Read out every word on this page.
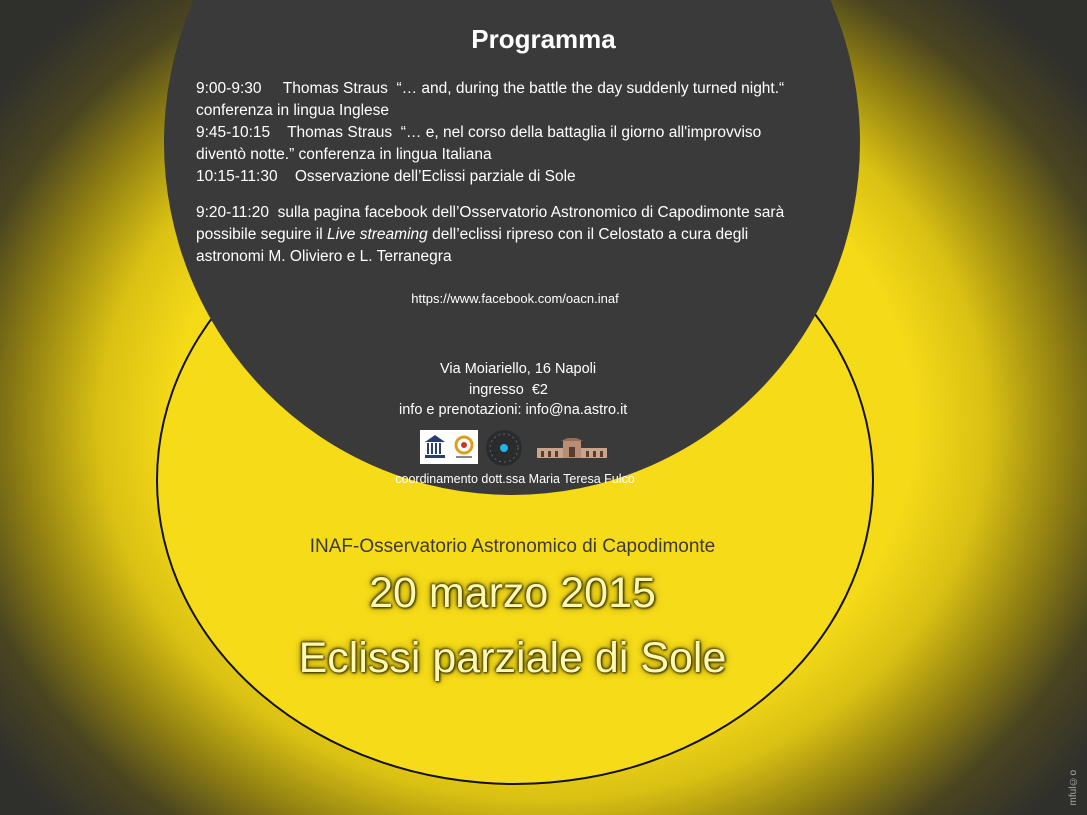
Programma
9:00-9:30     Thomas Straus  “… and, during the battle the day suddenly turned night.“
conferenza in lingua Inglese
9:45-10:15    Thomas Straus  “… e, nel corso della battaglia il giorno all'improvviso
diventò notte.” conferenza in lingua Italiana
10:15-11:30    Osservazione dell’Eclissi parziale di Sole
9:20-11:20  sulla pagina facebook dell’Osservatorio Astronomico di Capodimonte sarà
possibile seguire il Live streaming dell’eclissi ripreso con il Celostato a cura degli
astronomi M. Oliviero e L. Terranegra
https://www.facebook.com/oacn.inaf
Via Moiariello, 16 Napoli
ingresso  €2
info e prenotazioni: info@na.astro.it
coordinamento dott.ssa Maria Teresa Fulco
INAF-Osservatorio Astronomico di Capodimonte
20 marzo 2015
Eclissi parziale di Sole
mful©o
